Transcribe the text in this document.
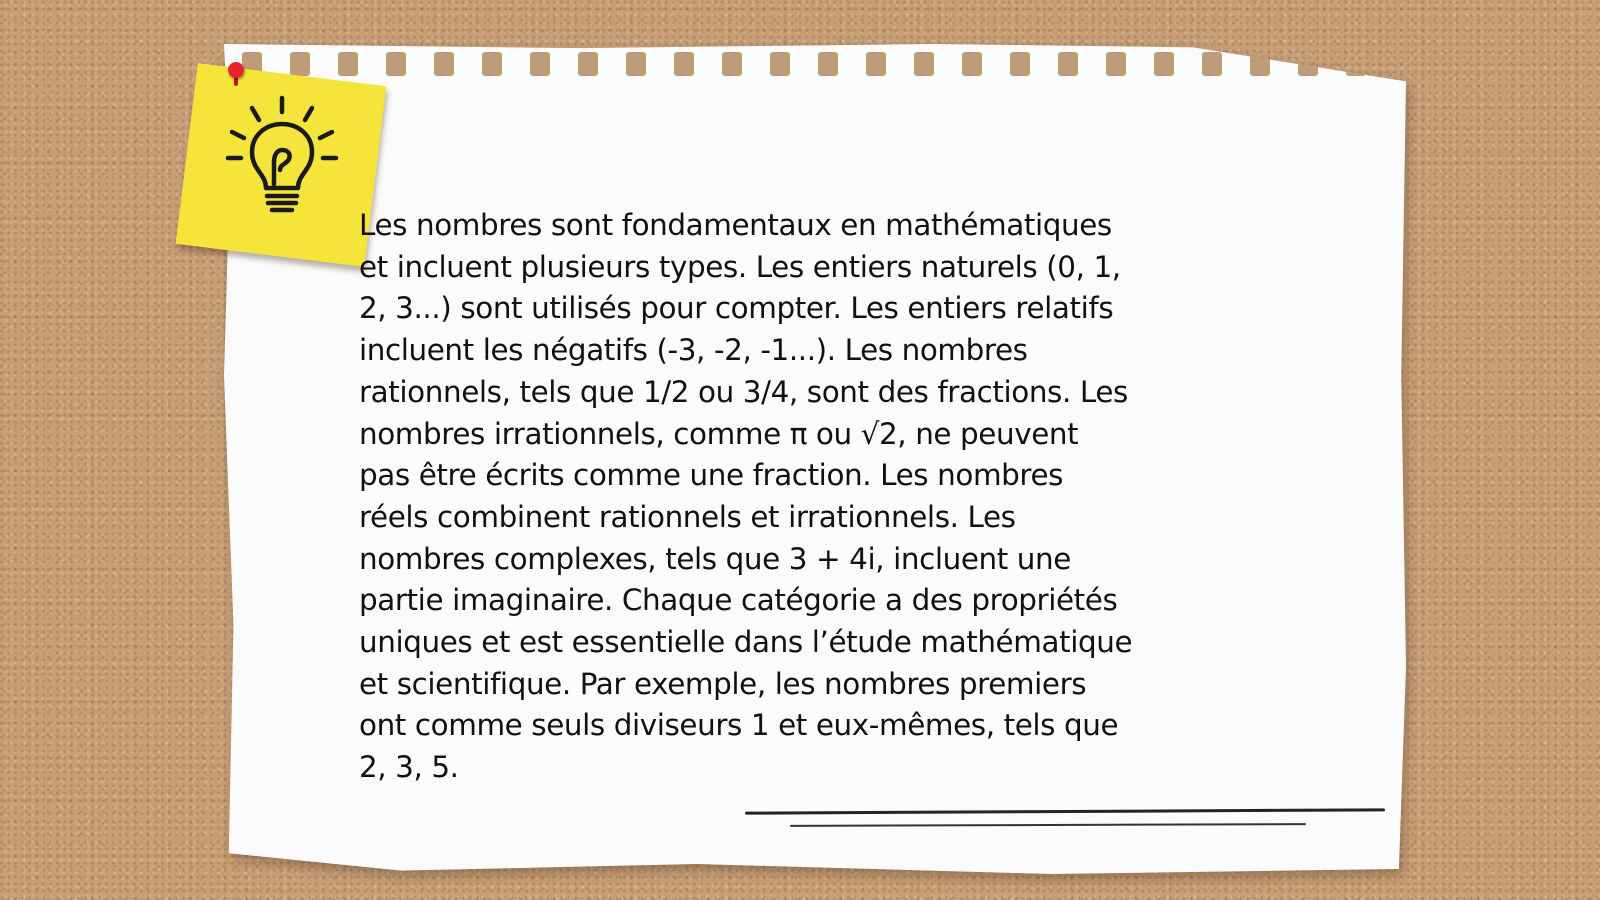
Les nombres sont fondamentaux en mathématiques
et incluent plusieurs types. Les entiers naturels (0, 1,
2, 3...) sont utilisés pour compter. Les entiers relatifs
incluent les négatifs (-3, -2, -1...). Les nombres
rationnels, tels que 1/2 ou 3/4, sont des fractions. Les
nombres irrationnels, comme π ou √2, ne peuvent
pas être écrits comme une fraction. Les nombres
réels combinent rationnels et irrationnels. Les
nombres complexes, tels que 3 + 4i, incluent une
partie imaginaire. Chaque catégorie a des propriétés
uniques et est essentielle dans l’étude mathématique
et scientifique. Par exemple, les nombres premiers
ont comme seuls diviseurs 1 et eux-mêmes, tels que
2, 3, 5.
